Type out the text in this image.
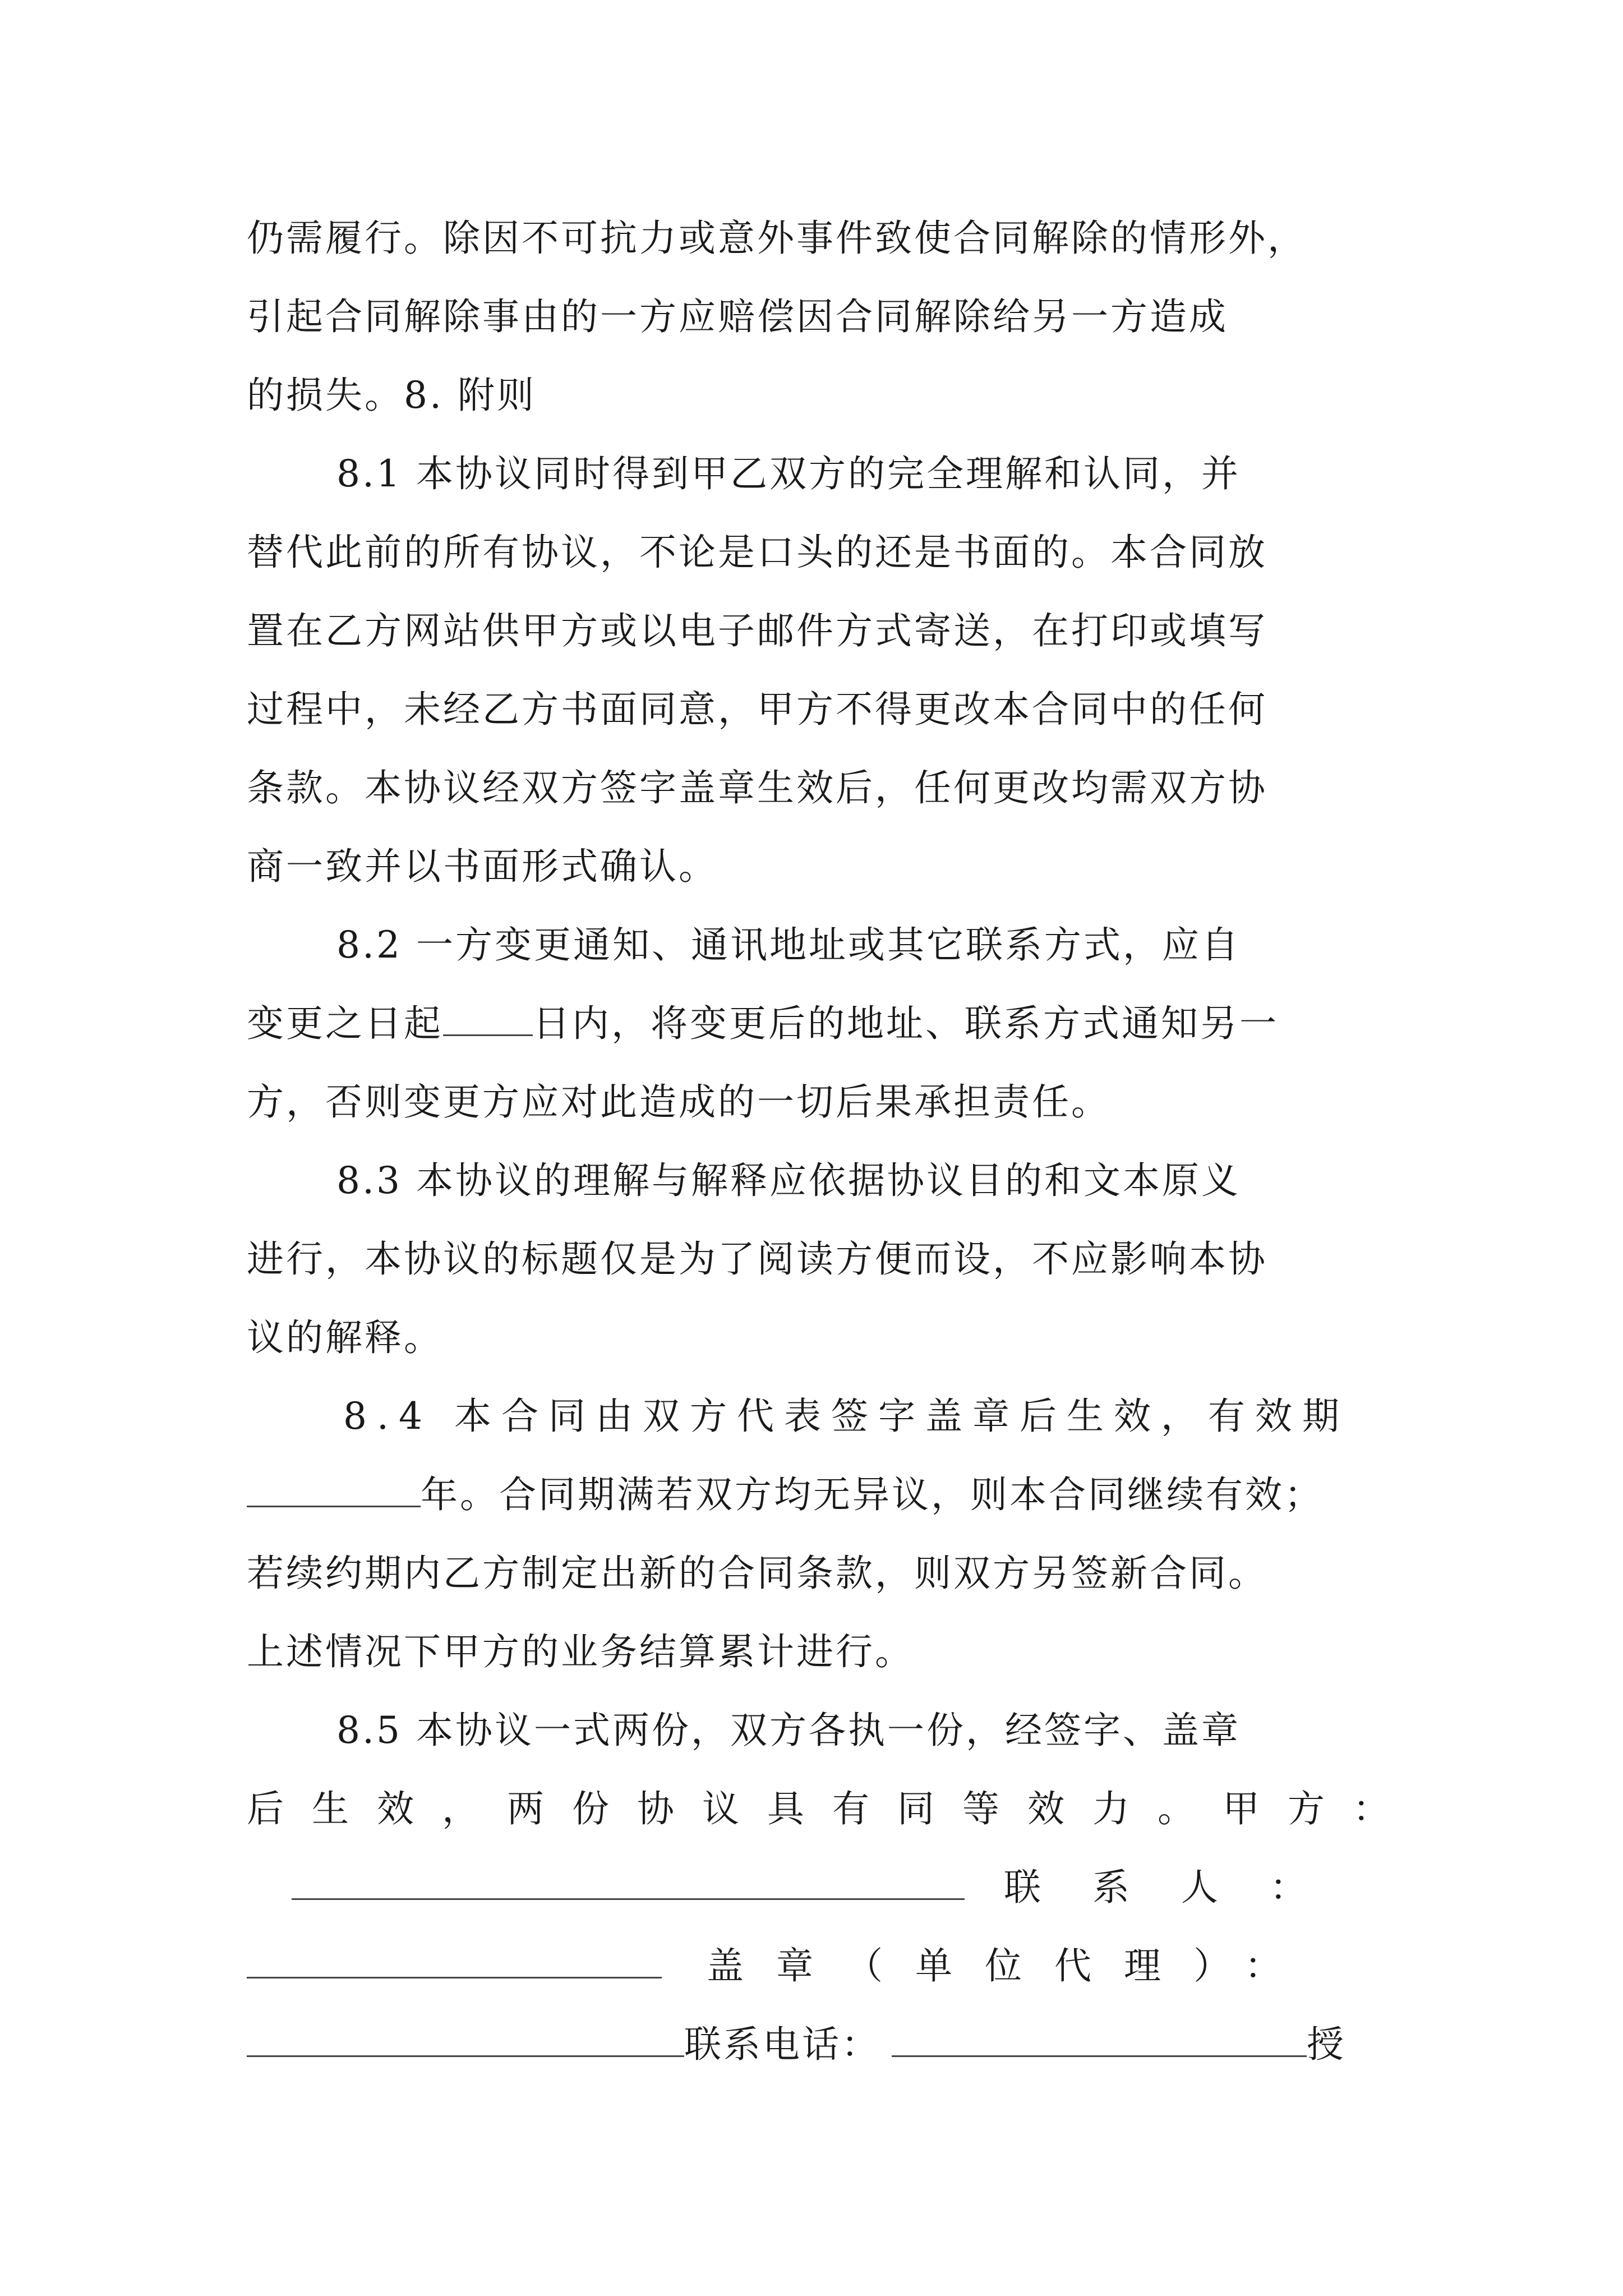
仍需履行。除因不可抗力或意外事件致使合同解除的情形外，
引起合同解除事由的一方应赔偿因合同解除给另一方造成
的损失。8. 附则
8.1 本协议同时得到甲乙双方的完全理解和认同，并
替代此前的所有协议，不论是口头的还是书面的。本合同放
置在乙方网站供甲方或以电子邮件方式寄送，在打印或填写
过程中，未经乙方书面同意，甲方不得更改本合同中的任何
条款。本协议经双方签字盖章生效后，任何更改均需双方协
商一致并以书面形式确认。
8.2 一方变更通知、通讯地址或其它联系方式，应自
变更之日起 日内，将变更后的地址、联系方式通知另一
方，否则变更方应对此造成的一切后果承担责任。
8.3 本协议的理解与解释应依据协议目的和文本原义
进行，本协议的标题仅是为了阅读方便而设，不应影响本协
议的解释。
8.4 本合同由双方代表签字盖章后生效，有效期
年。合同期满若双方均无异议，则本合同继续有效；
若续约期内乙方制定出新的合同条款，则双方另签新合同。
上述情况下甲方的业务结算累计进行。
8.5 本协议一式两份，双方各执一份，经签字、盖章
后生效，两份协议具有同等效力。甲方：
联系人：
盖章（单位代理）：
联系电话：	授
